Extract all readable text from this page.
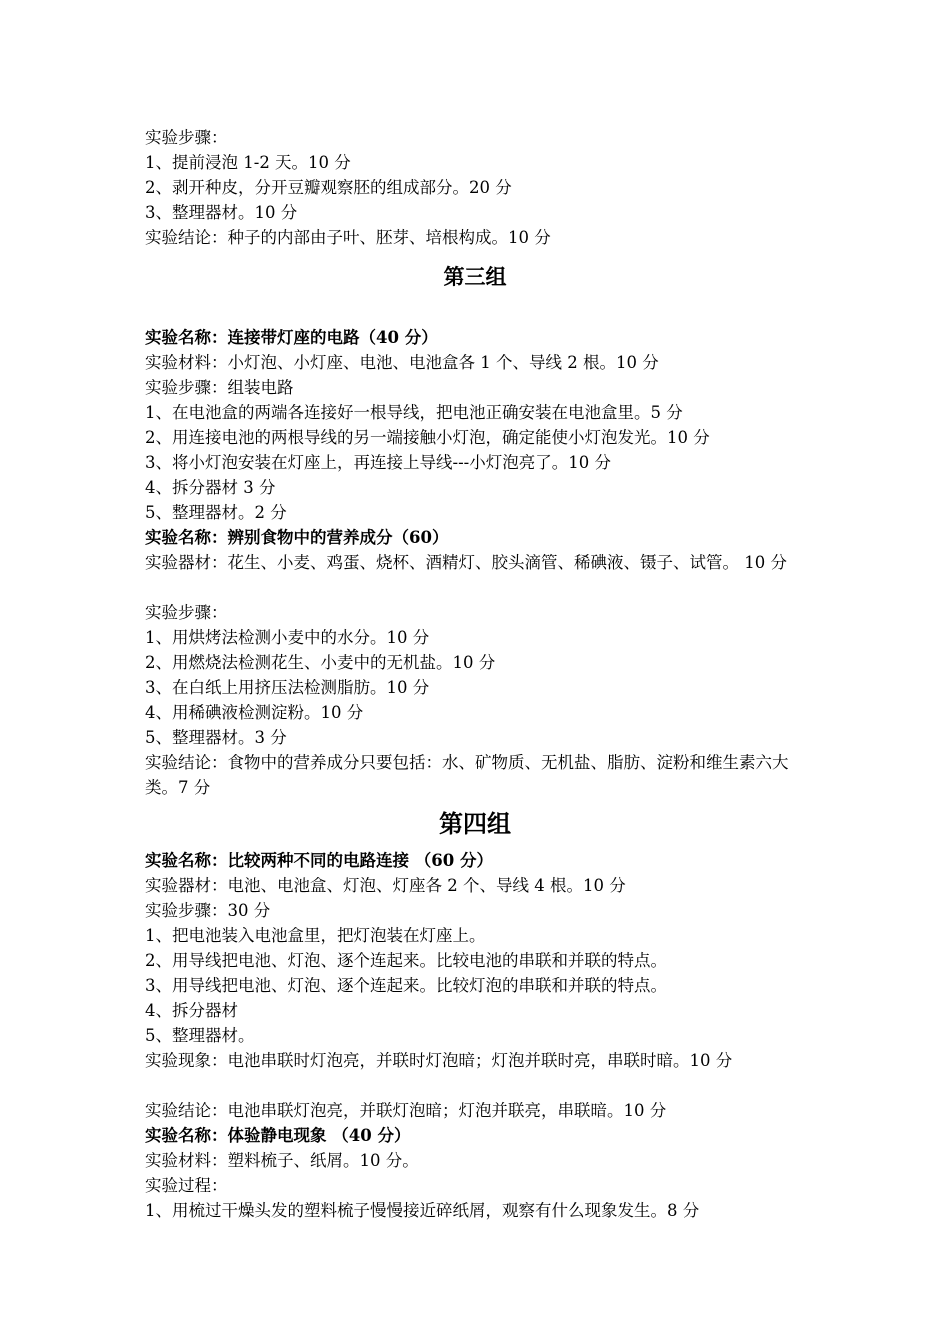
实验步骤：
1、提前浸泡 1-2 天。10 分
2、剥开种皮，分开豆瓣观察胚的组成部分。20 分
3、整理器材。10 分
实验结论：种子的内部由子叶、胚芽、培根构成。10 分
第三组
实验名称：连接带灯座的电路（40 分）
实验材料：小灯泡、小灯座、电池、电池盒各 1 个、导线 2 根。10 分
实验步骤：组装电路
1、在电池盒的两端各连接好一根导线，把电池正确安装在电池盒里。5 分
2、用连接电池的两根导线的另一端接触小灯泡，确定能使小灯泡发光。10 分
3、将小灯泡安装在灯座上，再连接上导线---小灯泡亮了。10 分
4、拆分器材 3 分
5、整理器材。2 分
实验名称：辨别食物中的营养成分（60）
实验器材：花生、小麦、鸡蛋、烧杯、酒精灯、胶头滴管、稀碘液、镊子、试管。 10 分
实验步骤：
1、用烘烤法检测小麦中的水分。10 分
2、用燃烧法检测花生、小麦中的无机盐。10 分
3、在白纸上用挤压法检测脂肪。10 分
4、用稀碘液检测淀粉。10 分
5、整理器材。3 分
实验结论：食物中的营养成分只要包括：水、矿物质、无机盐、脂肪、淀粉和维生素六大类。7 分
第四组
实验名称：比较两种不同的电路连接 （60 分）
实验器材：电池、电池盒、灯泡、灯座各 2 个、导线 4 根。10 分
实验步骤：30 分
1、把电池装入电池盒里，把灯泡装在灯座上。
2、用导线把电池、灯泡、逐个连起来。比较电池的串联和并联的特点。
3、用导线把电池、灯泡、逐个连起来。比较灯泡的串联和并联的特点。
4、拆分器材
5、整理器材。
实验现象：电池串联时灯泡亮，并联时灯泡暗；灯泡并联时亮，串联时暗。10 分
实验结论：电池串联灯泡亮，并联灯泡暗；灯泡并联亮，串联暗。10 分
实验名称：体验静电现象 （40 分）
实验材料：塑料梳子、纸屑。10 分。
实验过程：
1、用梳过干燥头发的塑料梳子慢慢接近碎纸屑，观察有什么现象发生。8 分
